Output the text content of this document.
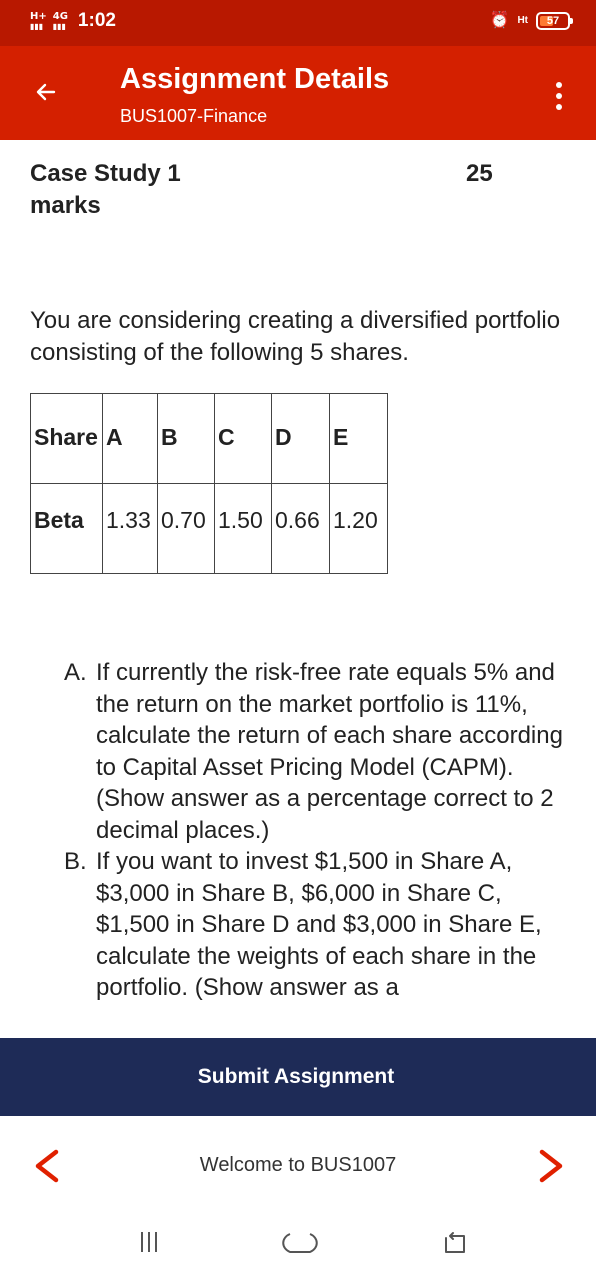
H+
▮▮▮
4G
▮▮▮ 1:02	⏰ Ht 57
Assignment Details
BUS1007-Finance
Case Study 1
marks
25
You are considering creating a diversified portfolio consisting of the following 5 shares.
Share	A	B	C	D	E
Beta	1.33	0.70	1.50	0.66	1.20
A. If currently the risk-free rate equals 5% and the return on the market portfolio is 11%, calculate the return of each share according to Capital Asset Pricing Model (CAPM). (Show answer as a percentage correct to 2 decimal places.)
B. If you want to invest $1,500 in Share A, $3,000 in Share B, $6,000 in Share C, $1,500 in Share D and $3,000 in Share E, calculate the weights of each share in the portfolio. (Show answer as a
Submit Assignment
Welcome to BUS1007
